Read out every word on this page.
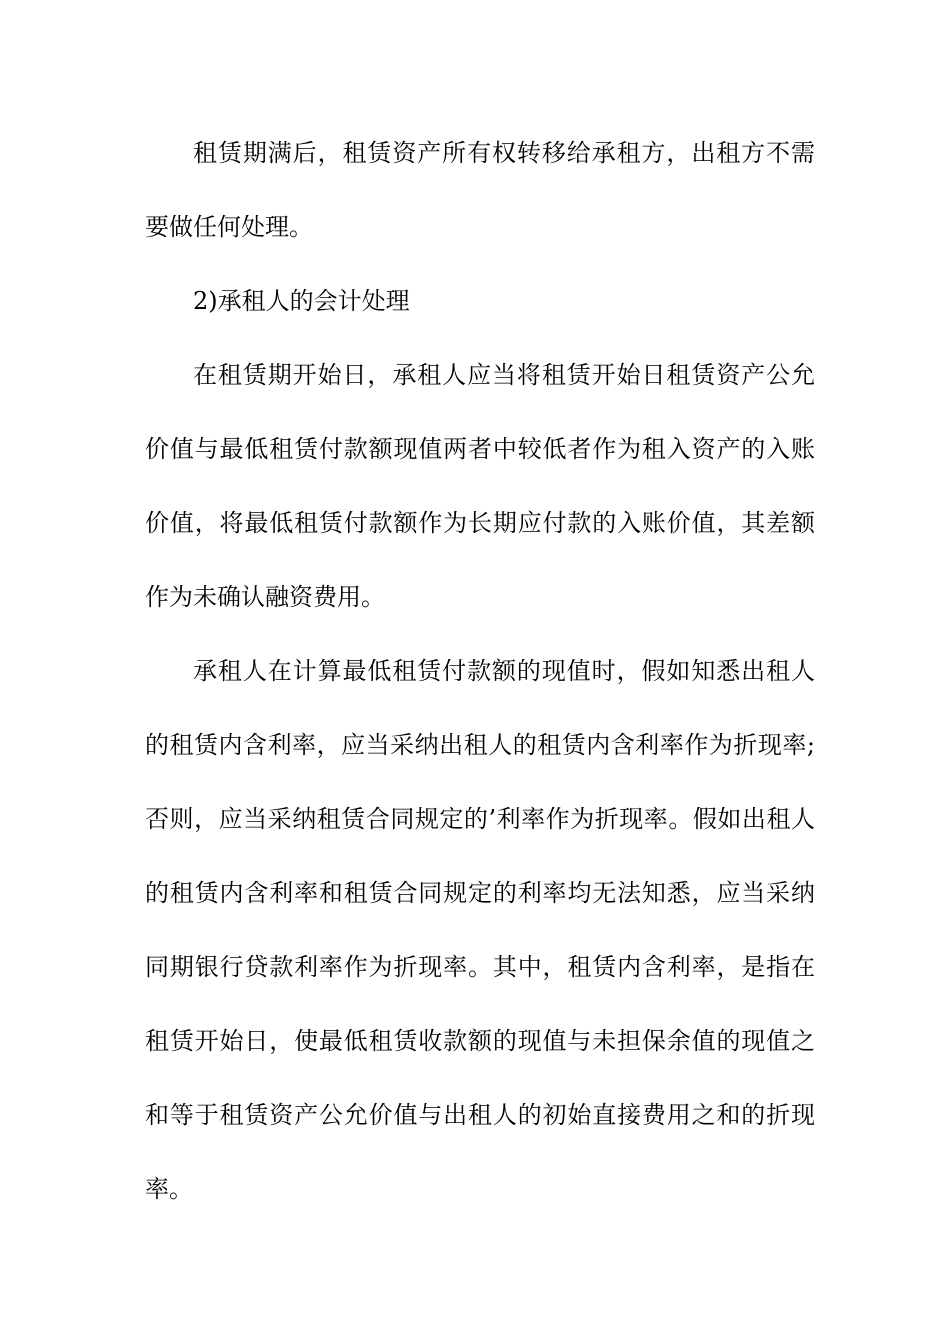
租赁期满后，租赁资产所有权转移给承租方，出租方不需
要做任何处理。
2)承租人的会计处理
在租赁期开始日，承租人应当将租赁开始日租赁资产公允
价值与最低租赁付款额现值两者中较低者作为租入资产的入账
价值，将最低租赁付款额作为长期应付款的入账价值，其差额
作为未确认融资费用。
承租人在计算最低租赁付款额的现值时，假如知悉出租人
的租赁内含利率，应当采纳出租人的租赁内含利率作为折现率;
否则，应当采纳租赁合同规定的’利率作为折现率。假如出租人
的租赁内含利率和租赁合同规定的利率均无法知悉，应当采纳
同期银行贷款利率作为折现率。其中，租赁内含利率，是指在
租赁开始日，使最低租赁收款额的现值与未担保余值的现值之
和等于租赁资产公允价值与出租人的初始直接费用之和的折现
率。
